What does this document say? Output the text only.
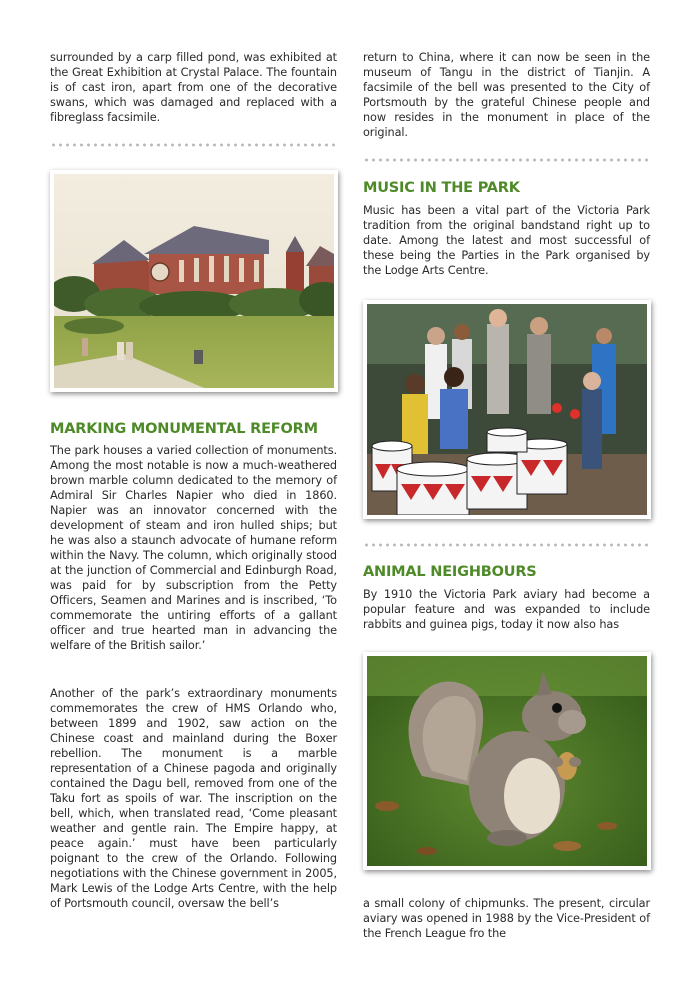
surrounded by a carp filled pond, was exhibited at the Great Exhibition at Crystal Palace. The fountain is of cast iron, apart from one of the decorative swans, which was damaged and replaced with a fibreglass facsimile.

MARKING MONUMENTAL REFORM

The park houses a varied collection of monuments. Among the most notable is now a much-weathered brown marble column dedicated to the memory of Admiral Sir Charles Napier who died in 1860. Napier was an innovator concerned with the development of steam and iron hulled ships; but he was also a staunch advocate of humane reform within the Navy. The column, which originally stood at the junction of Commercial and Edinburgh Road, was paid for by subscription from the Petty Officers, Seamen and Marines and is inscribed, ‘To commemorate the untiring efforts of a gallant officer and true hearted man in advancing the welfare of the British sailor.’

Another of the park’s extraordinary monuments commemorates the crew of HMS Orlando who, between 1899 and 1902, saw action on the Chinese coast and mainland during the Boxer rebellion. The monument is a marble representation of a Chinese pagoda and originally contained the Dagu bell, removed from one of the Taku fort as spoils of war. The inscription on the bell, which, when translated read, ‘Come pleasant weather and gentle rain. The Empire happy, at peace again.’ must have been particularly poignant to the crew of the Orlando. Following negotiations with the Chinese government in 2005, Mark Lewis of the Lodge Arts Centre, with the help of Portsmouth council, oversaw the bell’s

return to China, where it can now be seen in the museum of Tangu in the district of Tianjin. A facsimile of the bell was presented to the City of Portsmouth by the grateful Chinese people and now resides in the monument in place of the original.

MUSIC IN THE PARK

Music has been a vital part of the Victoria Park tradition from the original bandstand right up to date. Among the latest and most successful of these being the Parties in the Park organised by the Lodge Arts Centre.

ANIMAL NEIGHBOURS

By 1910 the Victoria Park aviary had become a popular feature and was expanded to include rabbits and guinea pigs, today it now also has

a small colony of chipmunks. The present, circular aviary was opened in 1988 by the Vice-President of the French League fro the
